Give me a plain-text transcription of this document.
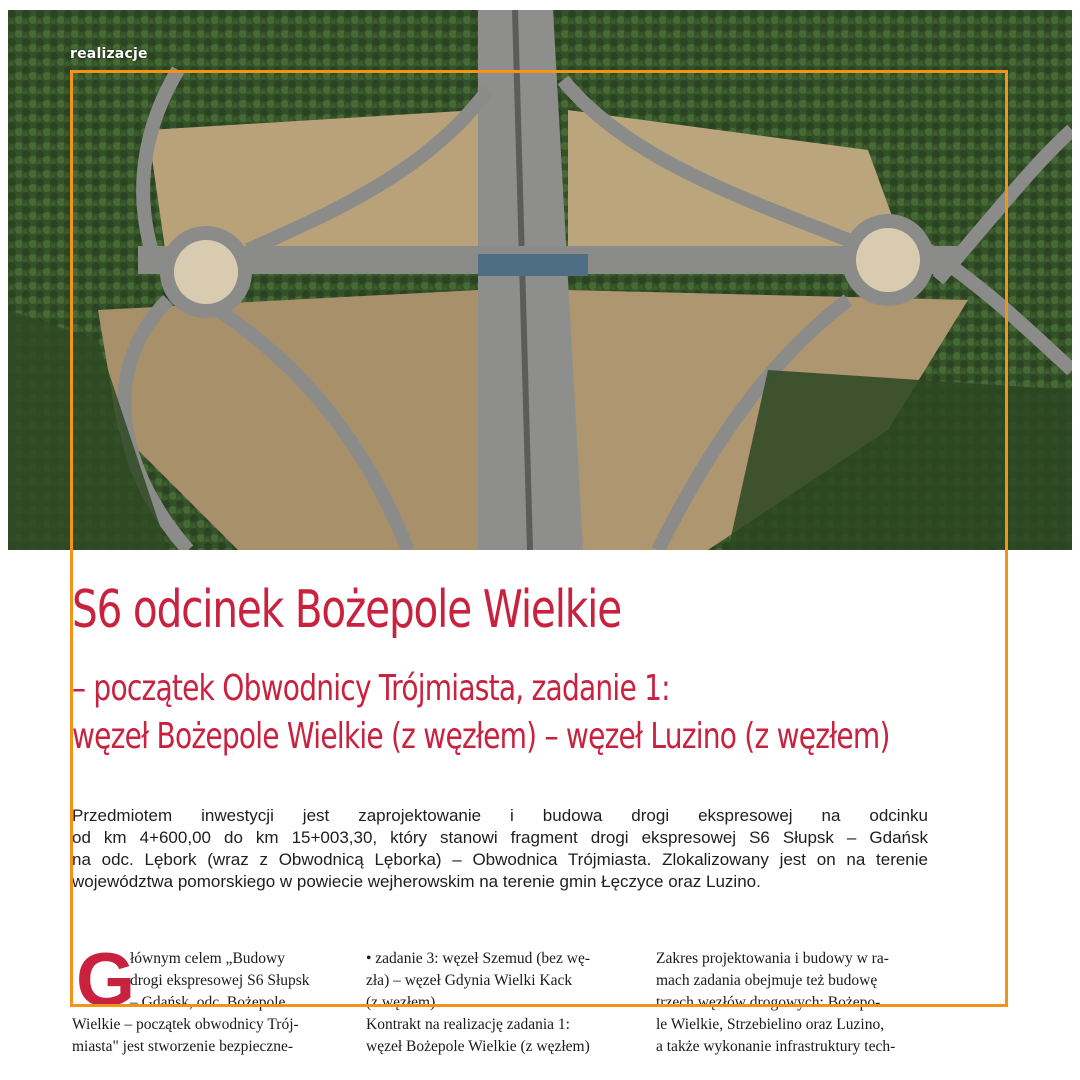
realizacje
S6 odcinek Bożepole Wielkie
– początek Obwodnicy Trójmiasta, zadanie 1:
węzeł Bożepole Wielkie (z węzłem) – węzeł Luzino (z węzłem)

Przedmiotem inwestycji jest zaprojektowanie i budowa drogi ekspresowej na odcinku
od km 4+600,00 do km 15+003,30, który stanowi fragment drogi ekspresowej S6 Słupsk – Gdańsk
na odc. Lębork (wraz z Obwodnicą Lęborka) – Obwodnica Trójmiasta. Zlokalizowany jest on na terenie
województwa pomorskiego w powiecie wejherowskim na terenie gmin Łęczyce oraz Luzino.

G
łównym celem „Budowy
drogi ekspresowej S6 Słupsk
– Gdańsk, odc. Bożepole
Wielkie – początek obwodnicy Trój-
miasta" jest stworzenie bezpieczne-
• zadanie 3: węzeł Szemud (bez wę-
zła) – węzeł Gdynia Wielki Kack
(z węzłem).
Kontrakt na realizację zadania 1:
węzeł Bożepole Wielkie (z węzłem)
Zakres projektowania i budowy w ra-
mach zadania obejmuje też budowę
trzech węzłów drogowych: Bożepo-
le Wielkie, Strzebielino oraz Luzino,
a także wykonanie infrastruktury tech-
